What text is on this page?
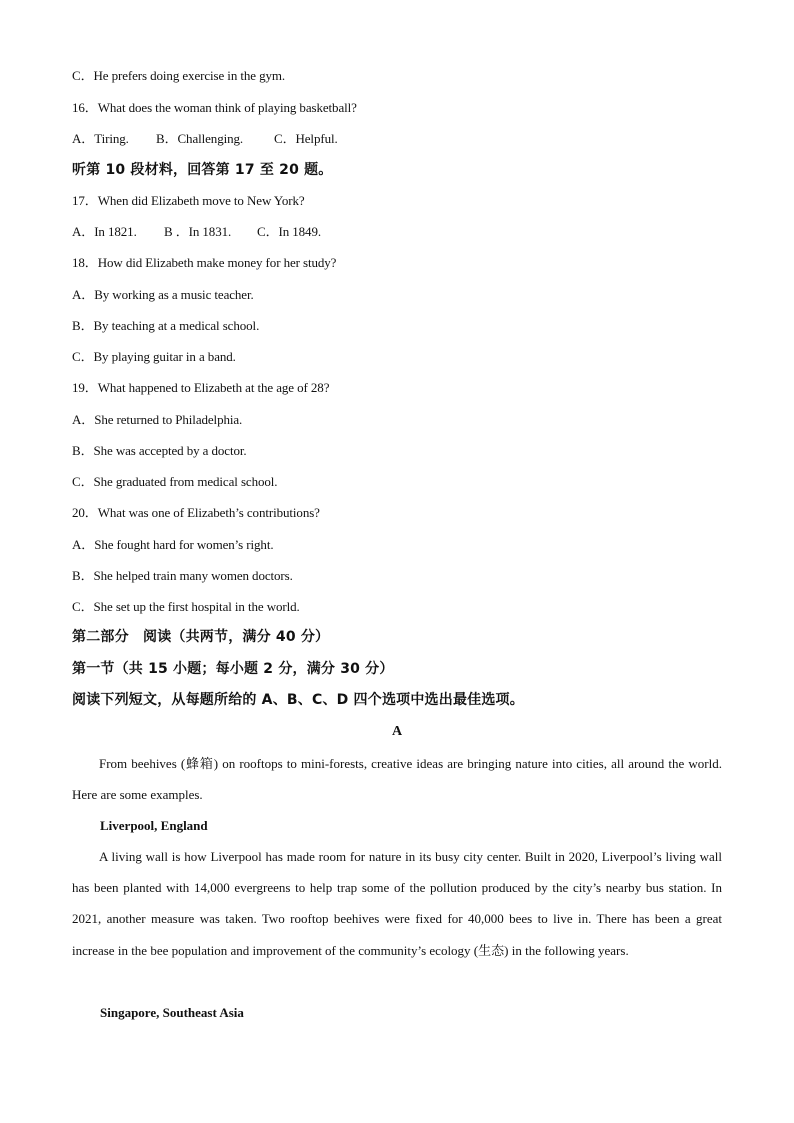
C．He prefers doing exercise in the gym.
16．What does the woman think of playing basketball?
A．Tiring. B．Challenging. C．Helpful.
听第 10 段材料，回答第 17 至 20 题。
17．When did Elizabeth move to New York?
A．In 1821. B ．In 1831. C．In 1849.
18．How did Elizabeth make money for her study?
A．By working as a music teacher.
B．By teaching at a medical school.
C．By playing guitar in a band.
19．What happened to Elizabeth at the age of 28?
A．She returned to Philadelphia.
B．She was accepted by a doctor.
C．She graduated from medical school.
20．What was one of Elizabeth’s contributions?
A．She fought hard for women’s right.
B．She helped train many women doctors.
C．She set up the first hospital in the world.
第二部分　阅读（共两节，满分 40 分）
第一节（共 15 小题；每小题 2 分，满分 30 分）
阅读下列短文，从每题所给的 A、B、C、D 四个选项中选出最佳选项。
A
From beehives (蜂箱) on rooftops to mini-forests, creative ideas are bringing nature into cities, all around the world. Here are some examples.
Liverpool, England
A living wall is how Liverpool has made room for nature in its busy city center. Built in 2020, Liverpool’s living wall has been planted with 14,000 evergreens to help trap some of the pollution produced by the city’s nearby bus station. In 2021, another measure was taken. Two rooftop beehives were fixed for 40,000 bees to live in. There has been a great increase in the bee population and improvement of the community’s ecology (生态) in the following years.
Singapore, Southeast Asia
